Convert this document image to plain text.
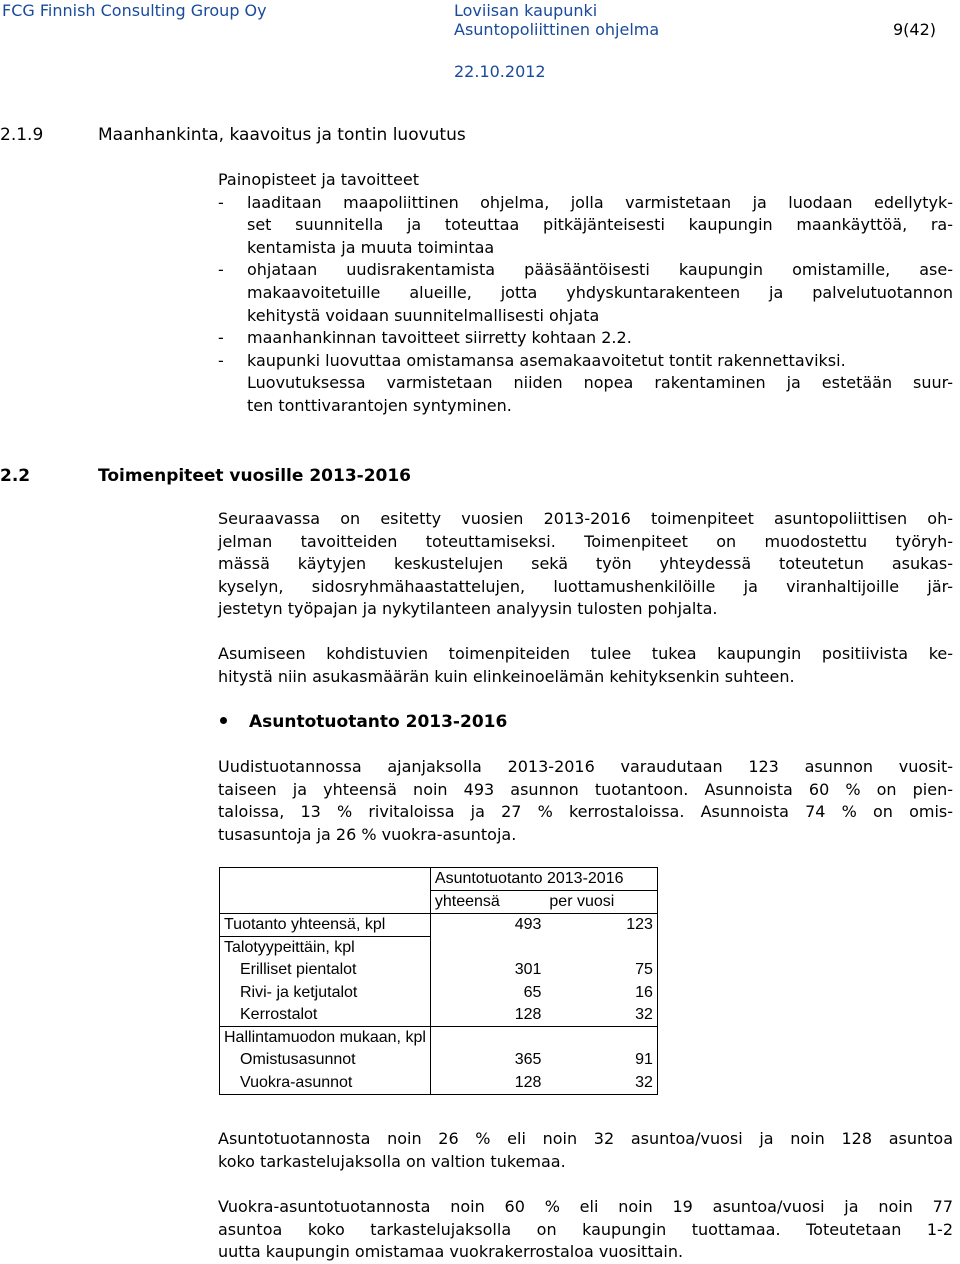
FCG Finnish Consulting Group Oy	Loviisan kaupunki
Asuntopoliittinen ohjelma	9(42)
22.10.2012
2.1.9	Maanhankinta, kaavoitus ja tontin luovutus
Painopisteet ja tavoitteet
-	laaditaan maapoliittinen ohjelma, jolla varmistetaan ja luodaan edellytyk-
set suunnitella ja toteuttaa pitkäjänteisesti kaupungin maankäyttöä, ra-
kentamista ja muuta toimintaa
-	ohjataan uudisrakentamista pääsääntöisesti kaupungin omistamille, ase-
makaavoitetuille alueille, jotta yhdyskuntarakenteen ja palvelutuotannon
kehitystä voidaan suunnitelmallisesti ohjata
-	maanhankinnan tavoitteet siirretty kohtaan 2.2.
-	kaupunki luovuttaa omistamansa asemakaavoitetut tontit rakennettaviksi.
Luovutuksessa varmistetaan niiden nopea rakentaminen ja estetään suur-
ten tonttivarantojen syntyminen.
2.2	Toimenpiteet vuosille 2013-2016
Seuraavassa on esitetty vuosien 2013-2016 toimenpiteet asuntopoliittisen oh-
jelman tavoitteiden toteuttamiseksi. Toimenpiteet on muodostettu työryh-
mässä käytyjen keskustelujen sekä työn yhteydessä toteutetun asukas-
kyselyn, sidosryhmähaastattelujen, luottamushenkilöille ja viranhaltijoille jär-
jestetyn työpajan ja nykytilanteen analyysin tulosten pohjalta.
Asumiseen kohdistuvien toimenpiteiden tulee tukea kaupungin positiivista ke-
hitystä niin asukasmäärän kuin elinkeinoelämän kehityksenkin suhteen.
Asuntotuotanto 2013-2016
Uudistuotannossa ajanjaksolla 2013-2016 varaudutaan 123 asunnon vuosit-
taiseen ja yhteensä noin 493 asunnon tuotantoon. Asunnoista 60 % on pien-
taloissa, 13 % rivitaloissa ja 27 % kerrostaloissa. Asunnoista 74 % on omis-
tusasuntoja ja 26 % vuokra-asuntoja.
	Asuntotuotanto 2013-2016	
	yhteensä	per vuosi
Tuotanto yhteensä, kpl	493	123
Talotyypeittäin, kpl		
Erilliset pientalot	301	75
Rivi- ja ketjutalot	65	16
Kerrostalot	128	32
Hallintamuodon mukaan, kpl		
Omistusasunnot	365	91
Vuokra-asunnot	128	32
Asuntotuotannosta noin 26 % eli noin 32 asuntoa/vuosi ja noin 128 asuntoa
koko tarkastelujaksolla on valtion tukemaa.
Vuokra-asuntotuotannosta noin 60 % eli noin 19 asuntoa/vuosi ja noin 77
asuntoa koko tarkastelujaksolla on kaupungin tuottamaa. Toteutetaan 1-2
uutta kaupungin omistamaa vuokrakerrostaloa vuosittain.
